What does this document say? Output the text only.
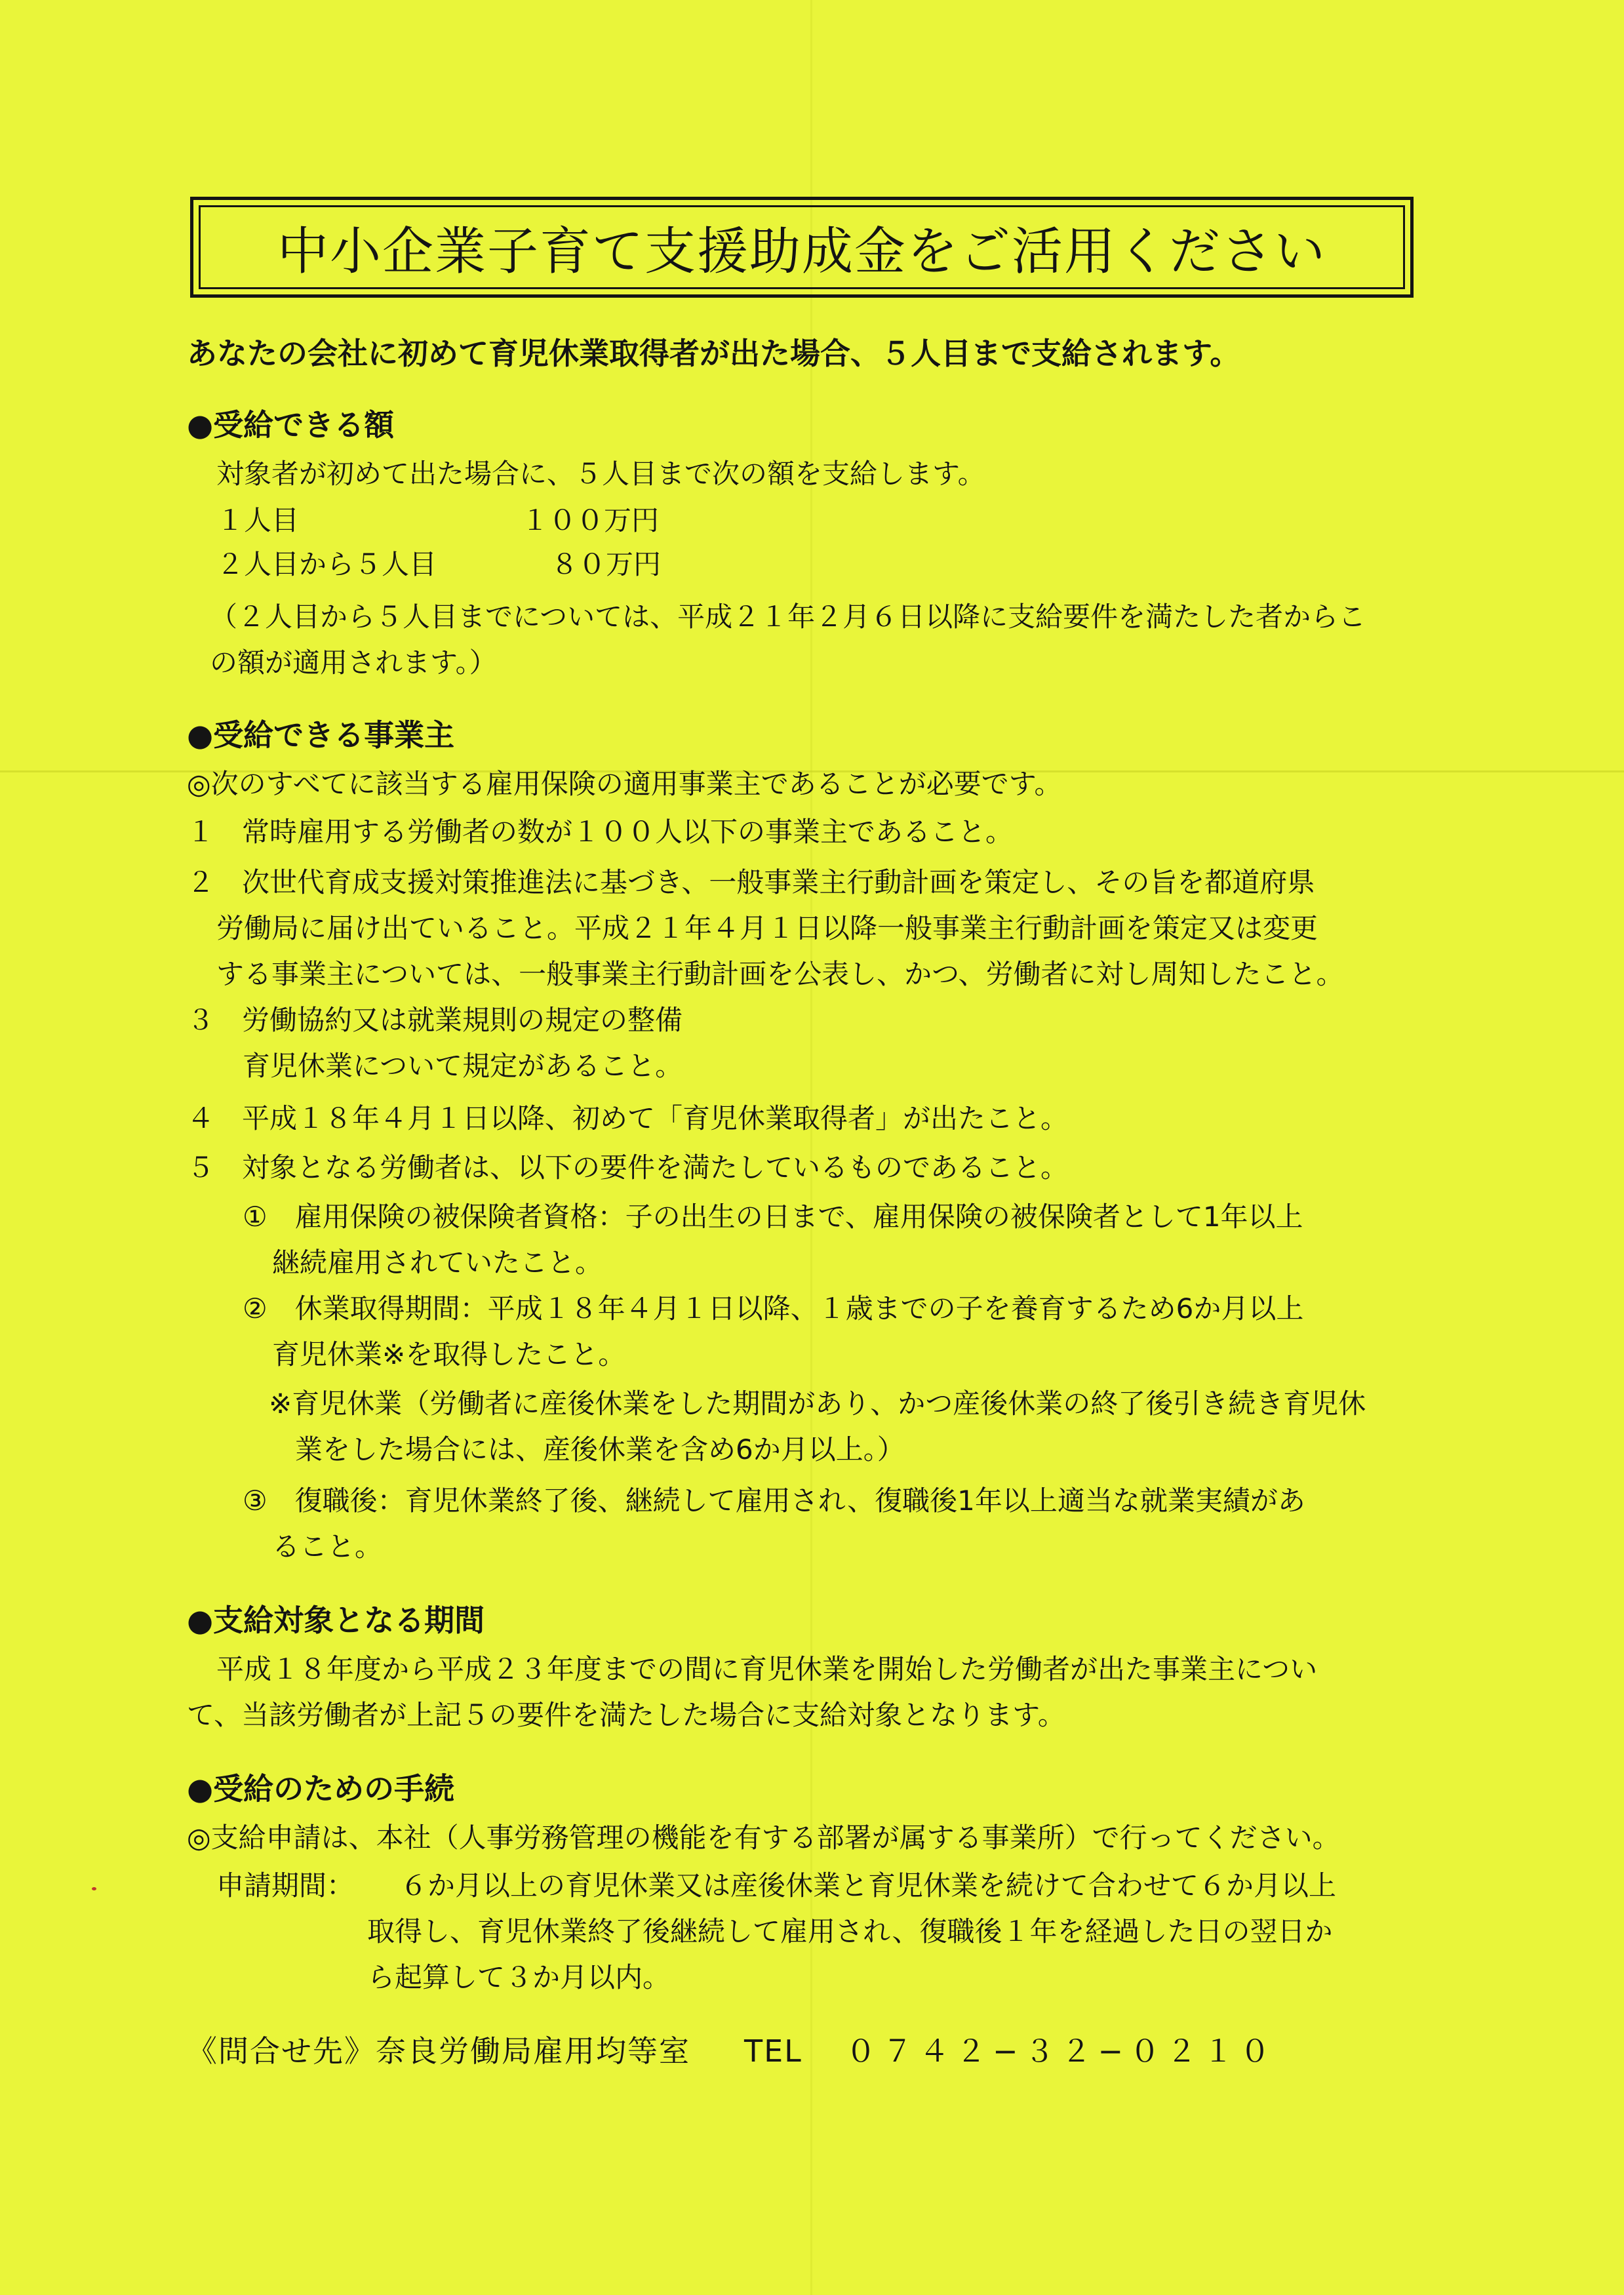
中小企業子育て支援助成金をご活用ください
あなたの会社に初めて育児休業取得者が出た場合、５人目まで支給されます。
●受給できる額
対象者が初めて出た場合に、５人目まで次の額を支給します。
１人目	１００万円
２人目から５人目	８０万円
（２人目から５人目までについては、平成２１年２月６日以降に支給要件を満たした者からこ
の額が適用されます。）
●受給できる事業主
◎次のすべてに該当する雇用保険の適用事業主であることが必要です。
１　常時雇用する労働者の数が１００人以下の事業主であること。
２　次世代育成支援対策推進法に基づき、一般事業主行動計画を策定し、その旨を都道府県
労働局に届け出ていること。平成２１年４月１日以降一般事業主行動計画を策定又は変更
する事業主については、一般事業主行動計画を公表し、かつ、労働者に対し周知したこと。
３　労働協約又は就業規則の規定の整備
育児休業について規定があること。
４　平成１８年４月１日以降、初めて「育児休業取得者」が出たこと。
５　対象となる労働者は、以下の要件を満たしているものであること。
①　雇用保険の被保険者資格：子の出生の日まで、雇用保険の被保険者として1年以上
継続雇用されていたこと。
②　休業取得期間：平成１８年４月１日以降、１歳までの子を養育するため6か月以上
育児休業※を取得したこと。
※育児休業（労働者に産後休業をした期間があり、かつ産後休業の終了後引き続き育児休
業をした場合には、産後休業を含め6か月以上。）
③　復職後：育児休業終了後、継続して雇用され、復職後1年以上適当な就業実績があ
ること。
●支給対象となる期間
平成１８年度から平成２３年度までの間に育児休業を開始した労働者が出た事業主につい
て、当該労働者が上記５の要件を満たした場合に支給対象となります。
●受給のための手続
◎支給申請は、本社（人事労務管理の機能を有する部署が属する事業所）で行ってください。
申請期間： ６か月以上の育児休業又は産後休業と育児休業を続けて合わせて６か月以上
取得し、育児休業終了後継続して雇用され、復職後１年を経過した日の翌日か
ら起算して３か月以内。
《問合せ先》奈良労働局雇用均等室 TEL ０７４２−３２−０２１０
